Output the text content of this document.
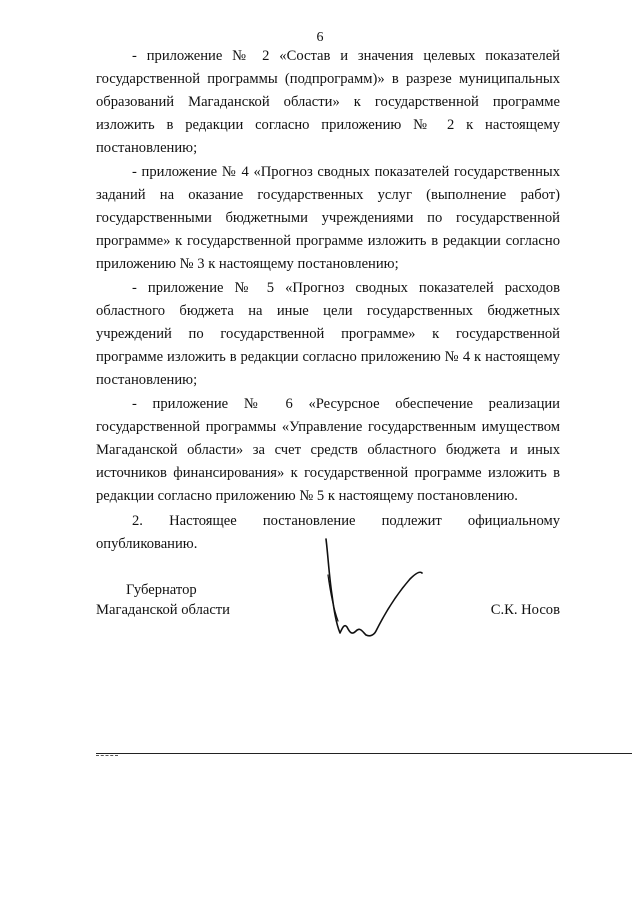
6

- приложение № 2 «Состав и значения целевых показателей государственной программы (подпрограмм)» в разрезе муниципальных образований Магаданской области» к государственной программе изложить в редакции согласно приложению № 2 к настоящему постановлению;

- приложение № 4 «Прогноз сводных показателей государственных заданий на оказание государственных услуг (выполнение работ) государственными бюджетными учреждениями по государственной программе» к государственной программе изложить в редакции согласно приложению № 3 к настоящему постановлению;

- приложение № 5 «Прогноз сводных показателей расходов областного бюджета на иные цели государственных бюджетных учреждений по государственной программе» к государственной программе изложить в редакции согласно приложению № 4 к настоящему постановлению;

- приложение № 6 «Ресурсное обеспечение реализации государственной программы «Управление государственным имуществом Магаданской области» за счет средств областного бюджета и иных источников финансирования» к государственной программе изложить в редакции согласно приложению № 5 к настоящему постановлению.

2. Настоящее постановление подлежит официальному опубликованию.

Губернатор
Магаданской области	С.К. Носов
